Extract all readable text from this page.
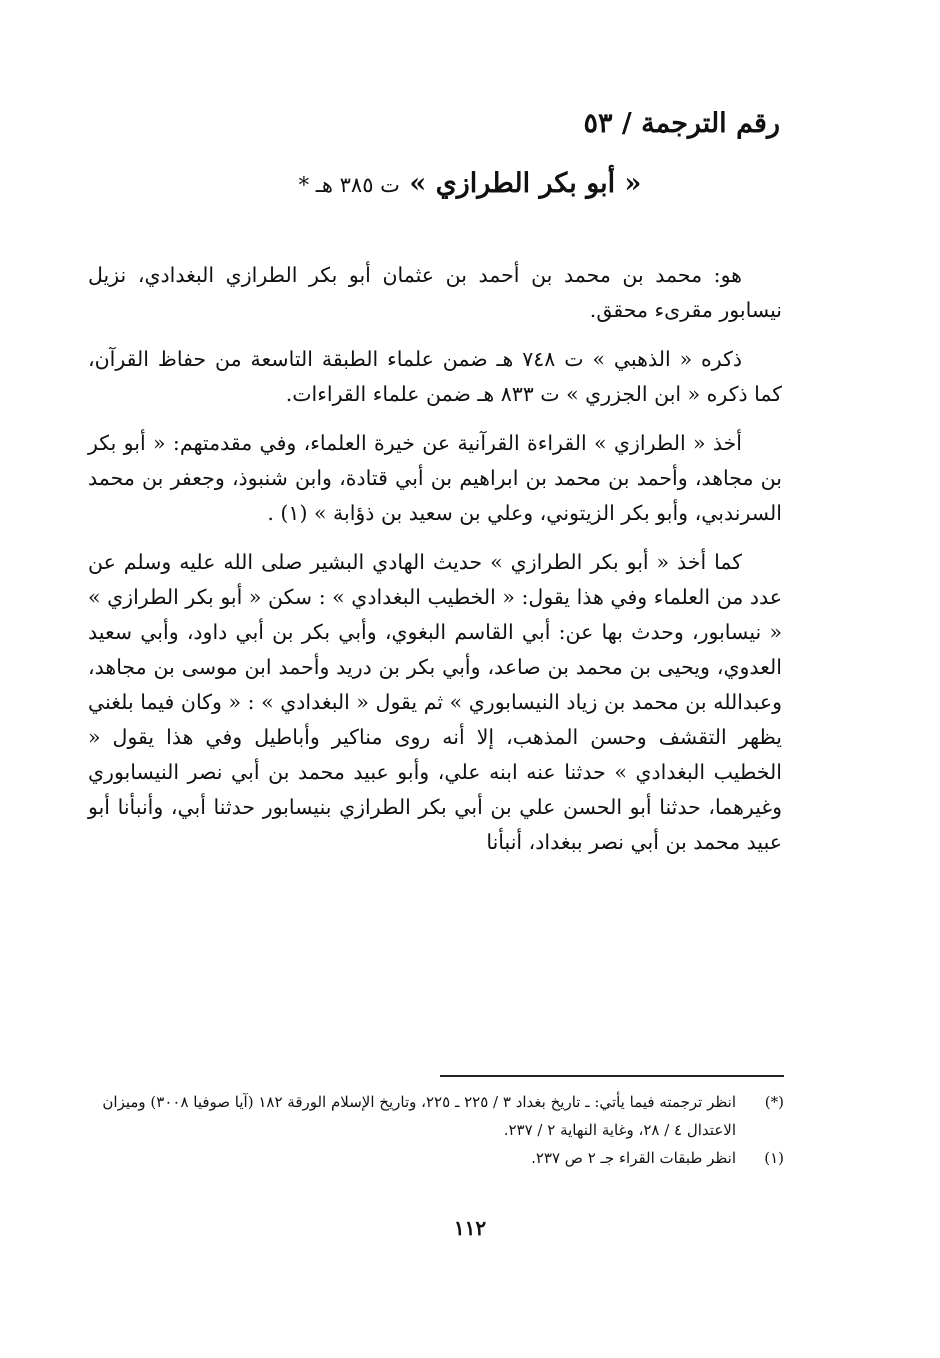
رقم الترجمة / ٥٣
« أبو بكر الطرازي » ت ٣٨٥ هـ *

هو: محمد بن محمد بن أحمد بن عثمان أبو بكر الطرازي البغدادي، نزيل نيسابور مقرىء محقق.

ذكره « الذهبي » ت ٧٤٨ هـ ضمن علماء الطبقة التاسعة من حفاظ القرآن، كما ذكره « ابن الجزري » ت ٨٣٣ هـ ضمن علماء القراءات.

أخذ « الطرازي » القراءة القرآنية عن خيرة العلماء، وفي مقدمتهم: « أبو بكر بن مجاهد، وأحمد بن محمد بن ابراهيم بن أبي قتادة، وابن شنبوذ، وجعفر بن محمد السرندبي، وأبو بكر الزيتوني، وعلي بن سعيد بن ذؤابة » (١) .

كما أخذ « أبو بكر الطرازي » حديث الهادي البشير صلى الله عليه وسلم عن عدد من العلماء وفي هذا يقول: « الخطيب البغدادي » : سكن « أبو بكر الطرازي » « نيسابور، وحدث بها عن: أبي القاسم البغوي، وأبي بكر بن أبي داود، وأبي سعيد العدوي، ويحيى بن محمد بن صاعد، وأبي بكر بن دريد وأحمد ابن موسى بن مجاهد، وعبدالله بن محمد بن زياد النيسابوري » ثم يقول « البغدادي » : « وكان فيما بلغني يظهر التقشف وحسن المذهب، إلا أنه روى مناكير وأباطيل وفي هذا يقول « الخطيب البغدادي » حدثنا عنه ابنه علي، وأبو عبيد محمد بن أبي نصر النيسابوري وغيرهما، حدثنا أبو الحسن علي بن أبي بكر الطرازي بنيسابور حدثنا أبي، وأنبأنا أبو عبيد محمد بن أبي نصر ببغداد، أنبأنا

(*)
انظر ترجمته فيما يأتي: ـ تاريخ بغداد ٣ / ٢٢٥ ـ ٢٢٥، وتاريخ الإسلام الورقة ١٨٢ (آيا صوفيا ٣٠٠٨) وميزان الاعتدال ٤ / ٢٨، وغاية النهاية ٢ / ٢٣٧.
(١)
انظر طبقات القراء جـ ٢ ص ٢٣٧.
١١٢
